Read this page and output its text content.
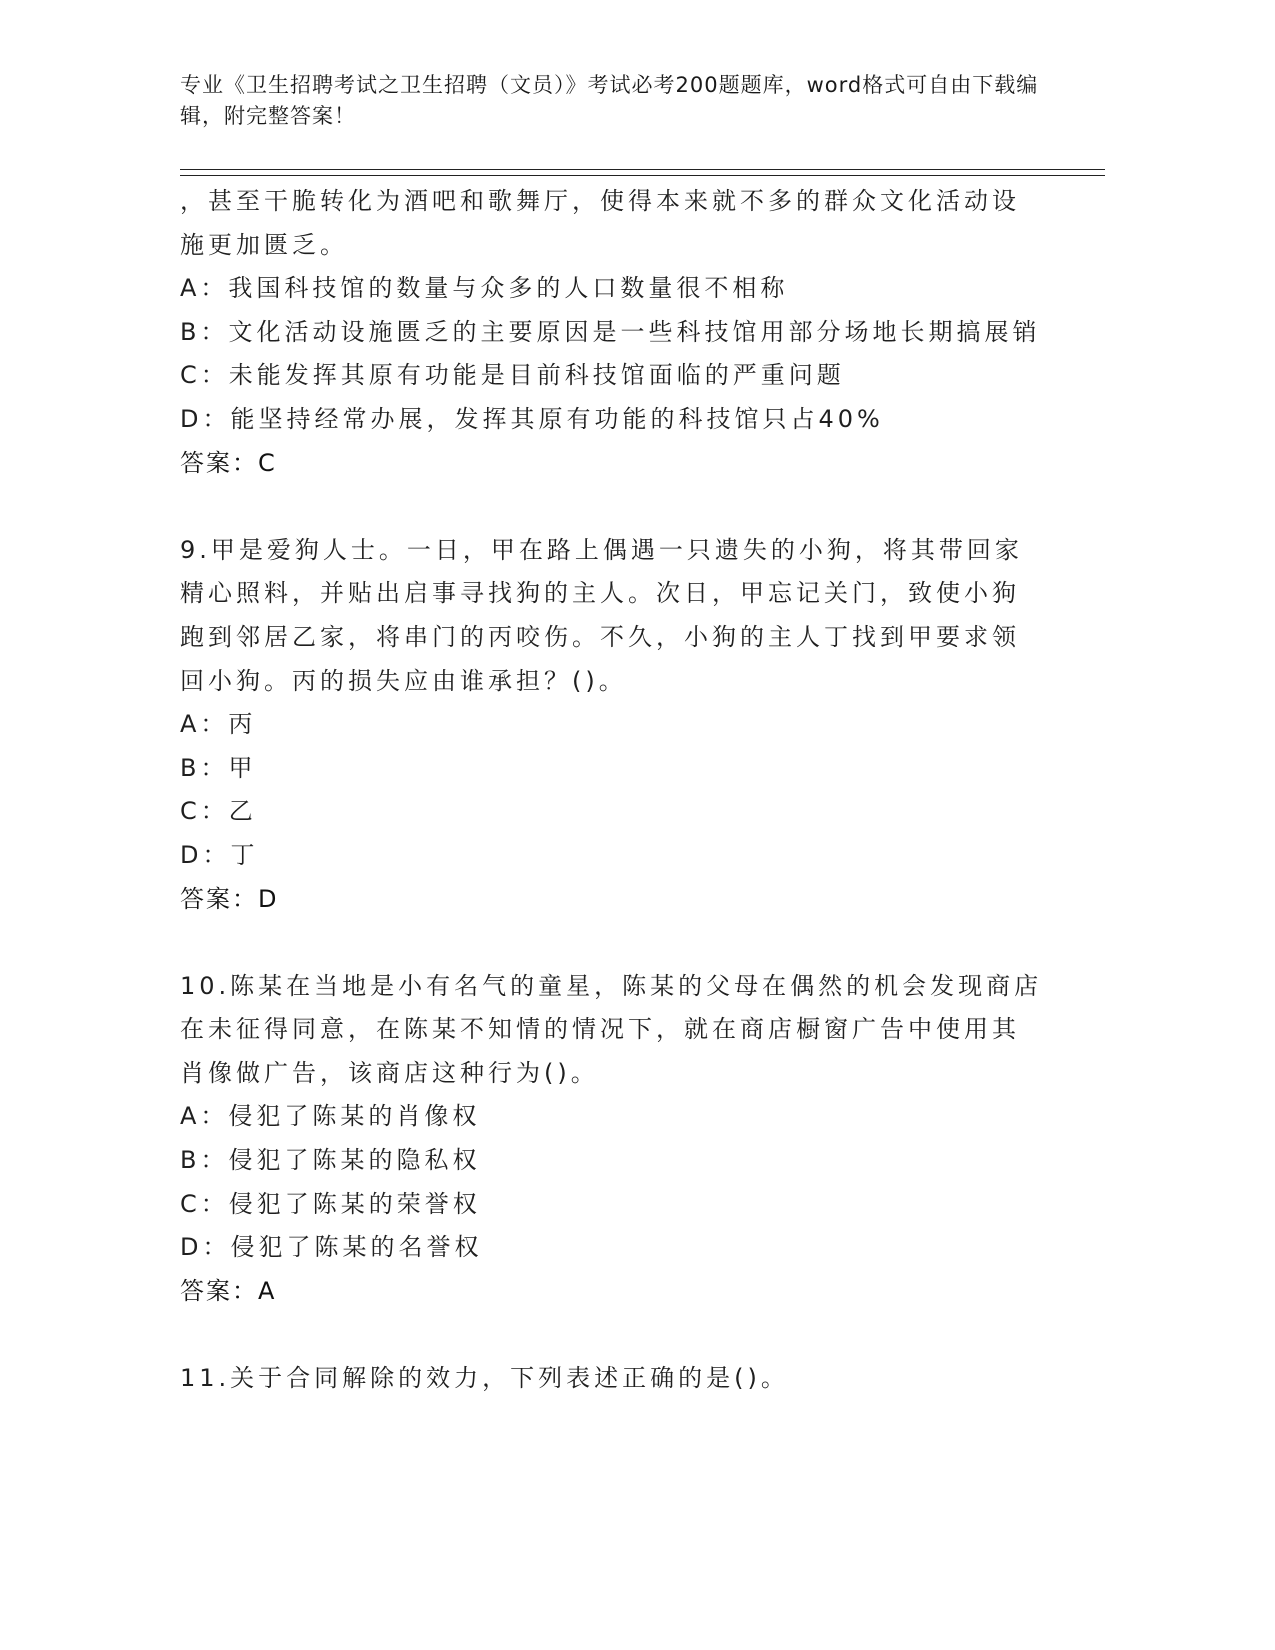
专业《卫生招聘考试之卫生招聘（文员）》考试必考200题题库，word格式可自由下载编辑，附完整答案！
，甚至干脆转化为酒吧和歌舞厅，使得本来就不多的群众文化活动设
施更加匮乏。
A：我国科技馆的数量与众多的人口数量很不相称
B：文化活动设施匮乏的主要原因是一些科技馆用部分场地长期搞展销
C：未能发挥其原有功能是目前科技馆面临的严重问题
D：能坚持经常办展，发挥其原有功能的科技馆只占40%
答案：C
9.甲是爱狗人士。一日，甲在路上偶遇一只遗失的小狗，将其带回家
精心照料，并贴出启事寻找狗的主人。次日，甲忘记关门，致使小狗
跑到邻居乙家，将串门的丙咬伤。不久，小狗的主人丁找到甲要求领
回小狗。丙的损失应由谁承担？()。
A：丙
B：甲
C：乙
D：丁
答案：D
10.陈某在当地是小有名气的童星，陈某的父母在偶然的机会发现商店
在未征得同意，在陈某不知情的情况下，就在商店橱窗广告中使用其
肖像做广告，该商店这种行为()。
A：侵犯了陈某的肖像权
B：侵犯了陈某的隐私权
C：侵犯了陈某的荣誉权
D：侵犯了陈某的名誉权
答案：A
11.关于合同解除的效力，下列表述正确的是()。
